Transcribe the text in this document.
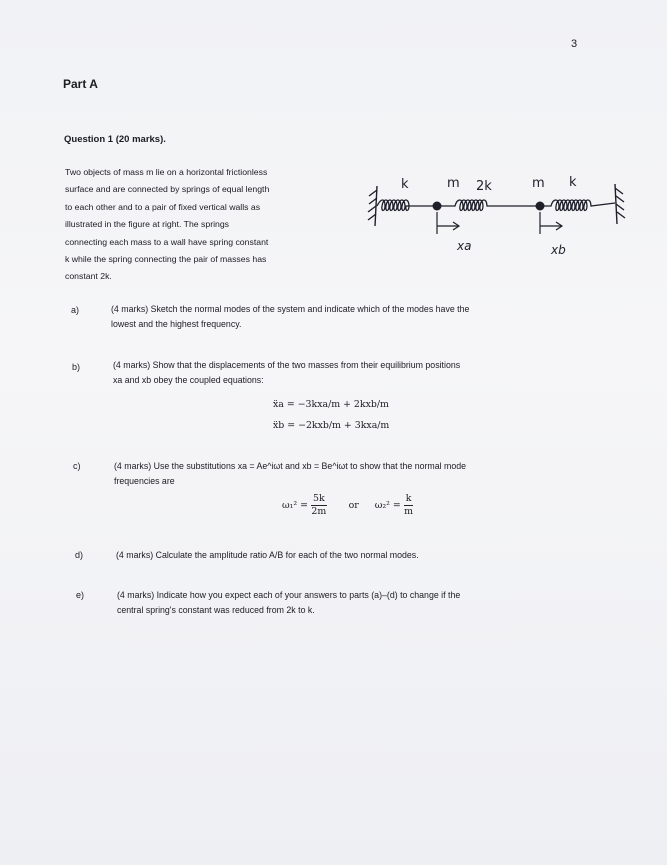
3
Part A
Question 1 (20 marks).
Two objects of mass m lie on a horizontal frictionless
surface and are connected by springs of equal length
to each other and to a pair of fixed vertical walls as
illustrated in the figure at right. The springs
connecting each mass to a wall have spring constant
k while the spring connecting the pair of masses has
constant 2k.
k	m 2k	m k
xa	xb
a)	(4 marks) Sketch the normal modes of the system and indicate which of the modes have the
lowest and the highest frequency.
b)	(4 marks) Show that the displacements of the two masses from their equilibrium positions
xa and xb obey the coupled equations:
ẍa = −3kxa/m + 2kxb/m
ẍb = −2kxb/m + 3kxa/m
c)	(4 marks) Use the substitutions xa = Ae^iωt and xb = Be^iωt to show that the normal mode
frequencies are
$\omega_1^2 = \frac{5k}{2m}$ or $\omega_2^2 = \frac{k}{m}$
d)	(4 marks) Calculate the amplitude ratio A/B for each of the two normal modes.
e)	(4 marks) Indicate how you expect each of your answers to parts (a)–(d) to change if the
central spring's constant was reduced from 2k to k.
